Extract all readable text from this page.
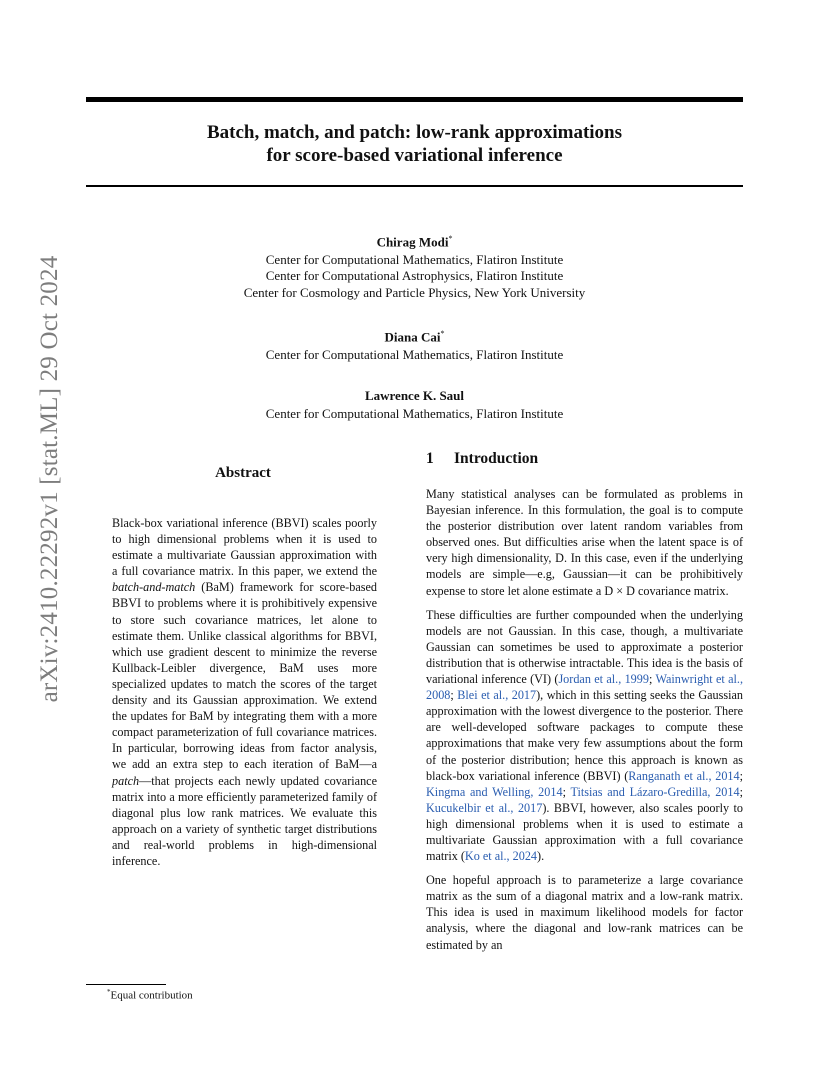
arXiv:2410.22292v1 [stat.ML] 29 Oct 2024
Batch, match, and patch: low-rank approximations
for score-based variational inference
Chirag Modi*
Center for Computational Mathematics, Flatiron Institute
Center for Computational Astrophysics, Flatiron Institute
Center for Cosmology and Particle Physics, New York University
Diana Cai*
Center for Computational Mathematics, Flatiron Institute
Lawrence K. Saul
Center for Computational Mathematics, Flatiron Institute
Abstract
Black-box variational inference (BBVI) scales poorly to high dimensional problems when it is used to estimate a multivariate Gaussian approximation with a full covariance matrix. In this paper, we extend the batch-and-match (BaM) framework for score-based BBVI to problems where it is prohibitively expensive to store such covariance matrices, let alone to estimate them. Unlike classical algorithms for BBVI, which use gradient descent to minimize the reverse Kullback-Leibler divergence, BaM uses more specialized updates to match the scores of the target density and its Gaussian approximation. We extend the updates for BaM by integrating them with a more compact parameterization of full covariance matrices. In particular, borrowing ideas from factor analysis, we add an extra step to each iteration of BaM—a patch—that projects each newly updated covariance matrix into a more efficiently parameterized family of diagonal plus low rank matrices. We evaluate this approach on a variety of synthetic target distributions and real-world problems in high-dimensional inference.
*Equal contribution
1 Introduction

Many statistical analyses can be formulated as problems in Bayesian inference. In this formulation, the goal is to compute the posterior distribution over latent random variables from observed ones. But difficulties arise when the latent space is of very high dimensionality, D. In this case, even if the underlying models are simple—e.g, Gaussian—it can be prohibitively expense to store let alone estimate a D × D covariance matrix.

These difficulties are further compounded when the underlying models are not Gaussian. In this case, though, a multivariate Gaussian can sometimes be used to approximate a posterior distribution that is otherwise intractable. This idea is the basis of variational inference (VI) (Jordan et al., 1999; Wainwright et al., 2008; Blei et al., 2017), which in this setting seeks the Gaussian approximation with the lowest divergence to the posterior. There are well-developed software packages to compute these approximations that make very few assumptions about the form of the posterior distribution; hence this approach is known as black-box variational inference (BBVI) (Ranganath et al., 2014; Kingma and Welling, 2014; Titsias and Lázaro-Gredilla, 2014; Kucukelbir et al., 2017). BBVI, however, also scales poorly to high dimensional problems when it is used to estimate a multivariate Gaussian approximation with a full covariance matrix (Ko et al., 2024).

One hopeful approach is to parameterize a large covariance matrix as the sum of a diagonal matrix and a low-rank matrix. This idea is used in maximum likelihood models for factor analysis, where the diagonal and low-rank matrices can be estimated by an
